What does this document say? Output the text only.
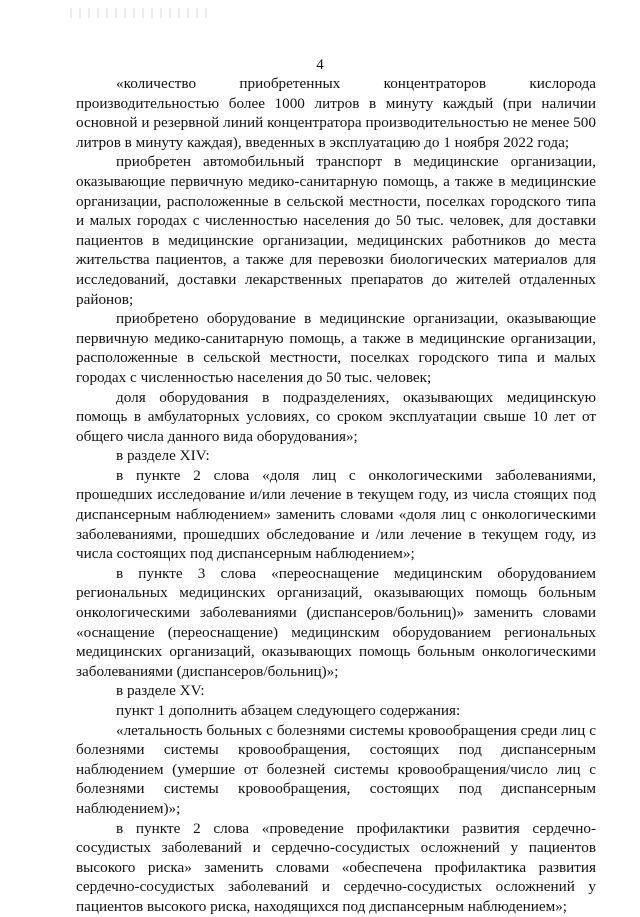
4

«количество приобретенных концентраторов кислорода производительностью более 1000 литров в минуту каждый (при наличии основной и резервной линий концентратора производительностью не менее 500 литров в минуту каждая), введенных в эксплуатацию до 1 ноября 2022 года;

приобретен автомобильный транспорт в медицинские организации, оказывающие первичную медико-санитарную помощь, а также в медицинские организации, расположенные в сельской местности, поселках городского типа и малых городах с численностью населения до 50 тыс. человек, для доставки пациентов в медицинские организации, медицинских работников до места жительства пациентов, а также для перевозки биологических материалов для исследований, доставки лекарственных препаратов до жителей отдаленных районов;

приобретено оборудование в медицинские организации, оказывающие первичную медико-санитарную помощь, а также в медицинские организации, расположенные в сельской местности, поселках городского типа и малых городах с численностью населения до 50 тыс. человек;

доля оборудования в подразделениях, оказывающих медицинскую помощь в амбулаторных условиях, со сроком эксплуатации свыше 10 лет от общего числа данного вида оборудования»;

в разделе XIV:

в пункте 2 слова «доля лиц с онкологическими заболеваниями, прошедших исследование и/или лечение в текущем году, из числа стоящих под диспансерным наблюдением» заменить словами «доля лиц с онкологическими заболеваниями, прошедших обследование и /или лечение в текущем году, из числа состоящих под диспансерным наблюдением»;

в пункте 3 слова «переоснащение медицинским оборудованием региональных медицинских организаций, оказывающих помощь больным онкологическими заболеваниями (диспансеров/больниц)» заменить словами «оснащение (переоснащение) медицинским оборудованием региональных медицинских организаций, оказывающих помощь больным онкологическими заболеваниями (диспансеров/больниц)»;

в разделе XV:

пункт 1 дополнить абзацем следующего содержания:

«летальность больных с болезнями системы кровообращения среди лиц с болезнями системы кровообращения, состоящих под диспансерным наблюдением (умершие от болезней системы кровообращения/число лиц с болезнями системы кровообращения, состоящих под диспансерным наблюдением)»;

в пункте 2 слова «проведение профилактики развития сердечно-сосудистых заболеваний и сердечно-сосудистых осложнений у пациентов высокого риска» заменить словами «обеспечена профилактика развития сердечно-сосудистых заболеваний и сердечно-сосудистых осложнений у пациентов высокого риска, находящихся под диспансерным наблюдением»;
